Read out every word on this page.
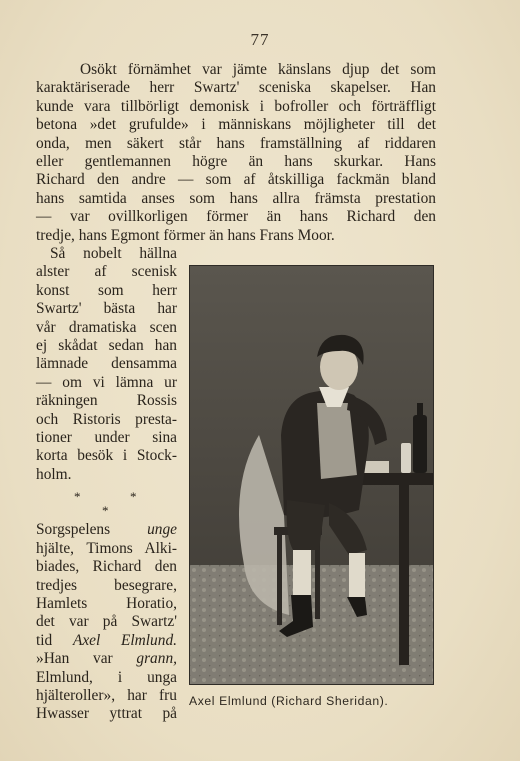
77
Osökt förnämhet var jämte känslans djup det som
karaktäriserade herr Swartz' sceniska skapelser. Han
kunde vara tillbörligt demonisk i bofroller och förträffligt
betona »det grufulde» i människans möjligheter till det
onda, men säkert står hans framställning af riddaren
eller gentlemannen högre än hans skurkar. Hans
Richard den andre — som af åtskilliga fackmän bland
hans samtida anses som hans allra främsta prestation
— var ovillkorligen förmer än hans Richard den
tredje, hans Egmont förmer än hans Frans Moor.
Så nobelt hällna
alster af scenisk
konst som herr
Swartz' bästa har
vår dramatiska scen
ej skådat sedan han
lämnade densamma
— om vi lämna ur
räkningen Rossis
och Ristoris presta-
tioner under sina
korta besök i Stock-
holm.
*	*
*
Sorgspelens unge
hjälte, Timons Alki-
biades, Richard den
tredjes besegrare,
Hamlets Horatio,
det var på Swartz'
tid Axel Elmlund.
»Han var grann,
Elmlund, i unga
hjälteroller», har fru
Hwasser yttrat på
Axel Elmlund (Richard Sheridan).
